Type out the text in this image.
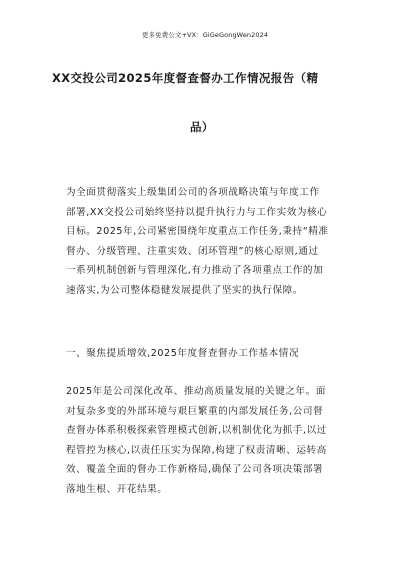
更多免费公文+VX：GiGeGongWen2024
XX交投公司2025年度督查督办工作情况报告（精
品）
为全面贯彻落实上级集团公司的各项战略决策与年度工作
部署,XX交投公司始终坚持以提升执行力与工作实效为核心
目标。2025年,公司紧密围绕年度重点工作任务,秉持“精准
督办、分级管理、注重实效、闭环管理”的核心原则,通过
一系列机制创新与管理深化,有力推动了各项重点工作的加
速落实,为公司整体稳健发展提供了坚实的执行保障。
一、聚焦提质增效,2025年度督查督办工作基本情况
2025年是公司深化改革、推动高质量发展的关键之年。面
对复杂多变的外部环境与艰巨繁重的内部发展任务,公司督
查督办体系积极探索管理模式创新,以机制优化为抓手,以过
程管控为核心,以责任压实为保障,构建了权责清晰、运转高
效、覆盖全面的督办工作新格局,确保了公司各项决策部署
落地生根、开花结果。
